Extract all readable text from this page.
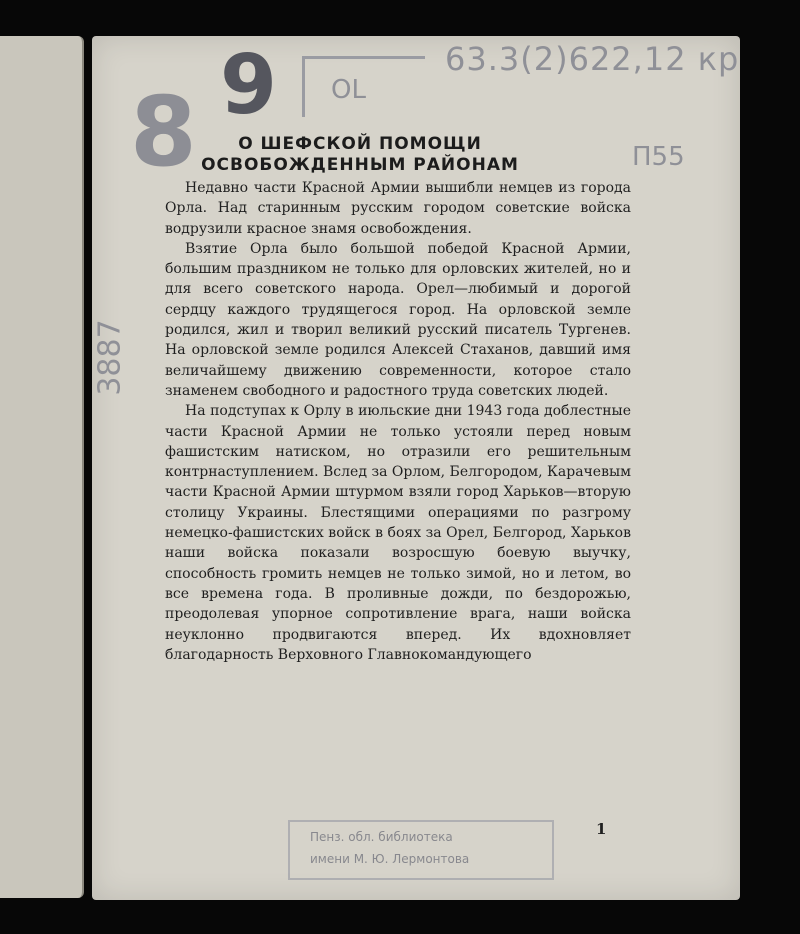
63.3(2)622,12 кр
9
8	OL
П55
3887
О ШЕФСКОЙ ПОМОЩИ
ОСВОБОЖДЕННЫМ РАЙОНАМ

Недавно части Красной Армии вышибли немцев из города Орла. Над старинным русским городом советские войска водрузили красное знамя освобождения.

Взятие Орла было большой победой Красной Армии, большим праздником не только для орловских жителей, но и для всего советского народа. Орел—любимый и дорогой сердцу каждого трудящегося город. На орловской земле родился, жил и творил великий русский писатель Тургенев. На орловской земле родился Алексей Стаханов, давший имя величайшему движению современности, которое стало знаменем свободного и радостного труда советских людей.

На подступах к Орлу в июльские дни 1943 года доблестные части Красной Армии не только устояли перед новым фашистским натиском, но отразили его решительным контрнаступлением. Вслед за Орлом, Белгородом, Карачевым части Красной Армии штурмом взяли город Харьков—вторую столицу Украины. Блестящими операциями по разгрому немецко-фашистских войск в боях за Орел, Белгород, Харьков наши войска показали возросшую боевую выучку, способность громить немцев не только зимой, но и летом, во все времена года. В проливные дожди, по бездорожью, преодолевая упорное сопротивление врага, наши войска неуклонно продвигаются вперед. Их вдохновляет благодарность Верховного Главнокомандующего

1
Пенз. обл. библиотека
имени М. Ю. Лермонтова
